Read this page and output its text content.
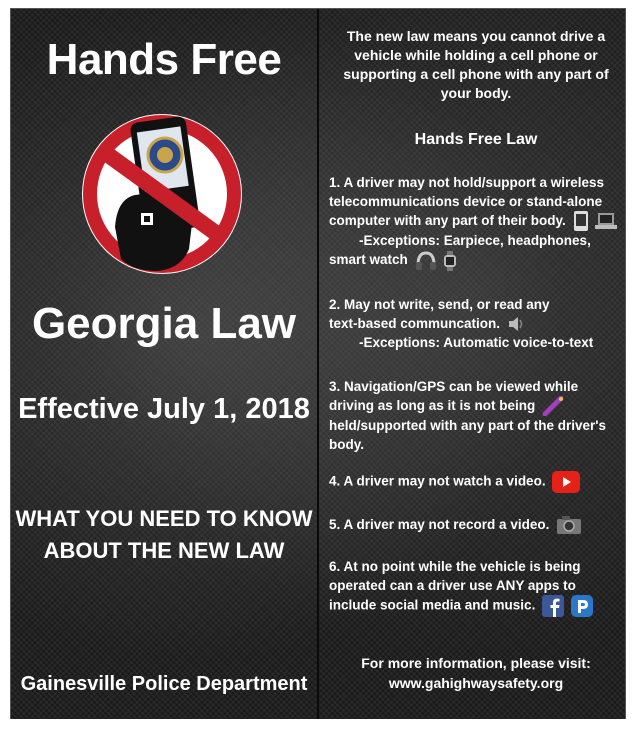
Hands Free
Georgia Law
Effective July 1, 2018
WHAT YOU NEED TO KNOW
ABOUT THE NEW LAW
Gainesville Police Department
The new law means you cannot drive a
vehicle while holding a cell phone or
supporting a cell phone with any part of
your body.
Hands Free Law
1. A driver may not hold/support a wireless
telecommunications device or stand-alone
computer with any part of their body.
-Exceptions: Earpiece, headphones,
smart watch
2. May not write, send, or read any
text-based communcation.
-Exceptions: Automatic voice-to-text
3. Navigation/GPS can be viewed while
driving as long as it is not being
held/supported with any part of the driver's
body.
4. A driver may not watch a video.
5. A driver may not record a video.
6. At no point while the vehicle is being
operated can a driver use ANY apps to
include social media and music.
For more information, please visit:
www.gahighwaysafety.org
